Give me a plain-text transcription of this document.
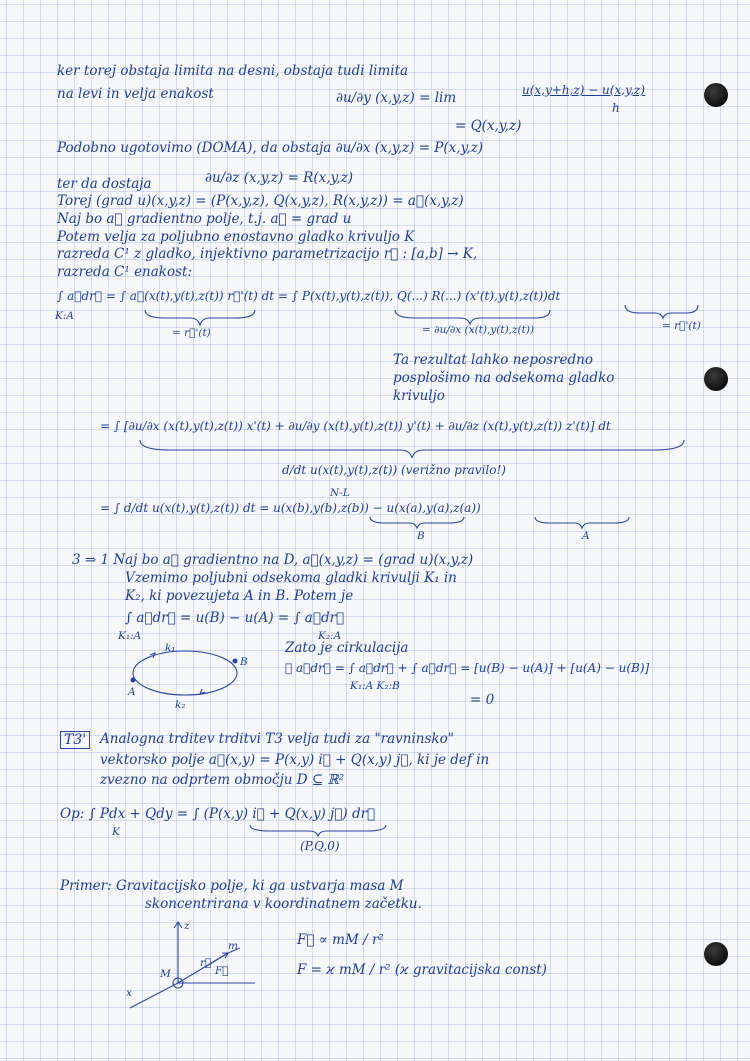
ker torej obstaja limita na desni, obstaja tudi limita
na levi in velja enakost	∂u/∂y (x,y,z) = lim	u(x,y+h,z) − u(x,y,z)
h
= Q(x,y,z)
Podobno ugotovimo (DOMA), da obstaja ∂u/∂x (x,y,z) = P(x,y,z)
ter da dostaja	∂u/∂z (x,y,z) = R(x,y,z)
Torej (grad u)(x,y,z) = (P(x,y,z), Q(x,y,z), R(x,y,z)) = a⃗(x,y,z)
Naj bo a⃗ gradientno polje, t.j. a⃗ = grad u
Potem velja za poljubno enostavno gladko krivuljo K
razreda C¹ z gladko, injektivno parametrizacijo r⃗ : [a,b] → K,
razreda C¹ enakost:
∫ a⃗dr⃗ = ∫ a⃗(x(t),y(t),z(t)) r⃗'(t) dt = ∫ P(x(t),y(t),z(t)), Q(...) R(...) (x'(t),y(t),z(t))dt
K:A
= r⃗'(t)	= ∂u/∂x (x(t),y(t),z(t))	= r⃗'(t)
Ta rezultat lahko neposredno
posplošimo na odsekoma gladko
krivuljo
= ∫ [∂u/∂x (x(t),y(t),z(t)) x'(t) + ∂u/∂y (x(t),y(t),z(t)) y'(t) + ∂u/∂z (x(t),y(t),z(t)) z'(t)] dt
d/dt u(x(t),y(t),z(t)) (verižno pravilo!)
= ∫ d/dt u(x(t),y(t),z(t)) dt = u(x(b),y(b),z(b)) − u(x(a),y(a),z(a))
N-L
B	A
3 ⇒ 1 Naj bo a⃗ gradientno na D, a⃗(x,y,z) = (grad u)(x,y,z)
Vzemimo poljubni odsekoma gladki krivulji K₁ in
K₂, ki povezujeta A in B. Potem je
∫ a⃗dr⃗ = u(B) − u(A) = ∫ a⃗dr⃗
K₁:A	K₂:A
A
B
k₁
k₂
Zato je cirkulacija
∮ a⃗dr⃗ = ∫ a⃗dr⃗ + ∫ a⃗dr⃗ = [u(B) − u(A)] + [u(A) − u(B)]
K₁:A K₂:B
= 0
T3' Analogna trditev trditvi T3 velja tudi za "ravninsko"
vektorsko polje a⃗(x,y) = P(x,y) i⃗ + Q(x,y) j⃗, ki je def in
zvezno na odprtem območju D ⊆ ℝ²
Op: ∫ Pdx + Qdy = ∫ (P(x,y) i⃗ + Q(x,y) j⃗) dr⃗
K
(P,Q,0)
Primer: Gravitacijsko polje, ki ga ustvarja masa M
skoncentrirana v koordinatnem začetku.
z
x
M
m
r⃗
F⃗
F⃗ ∝ mM / r²
F = ϰ mM / r² (ϰ gravitacijska const)
